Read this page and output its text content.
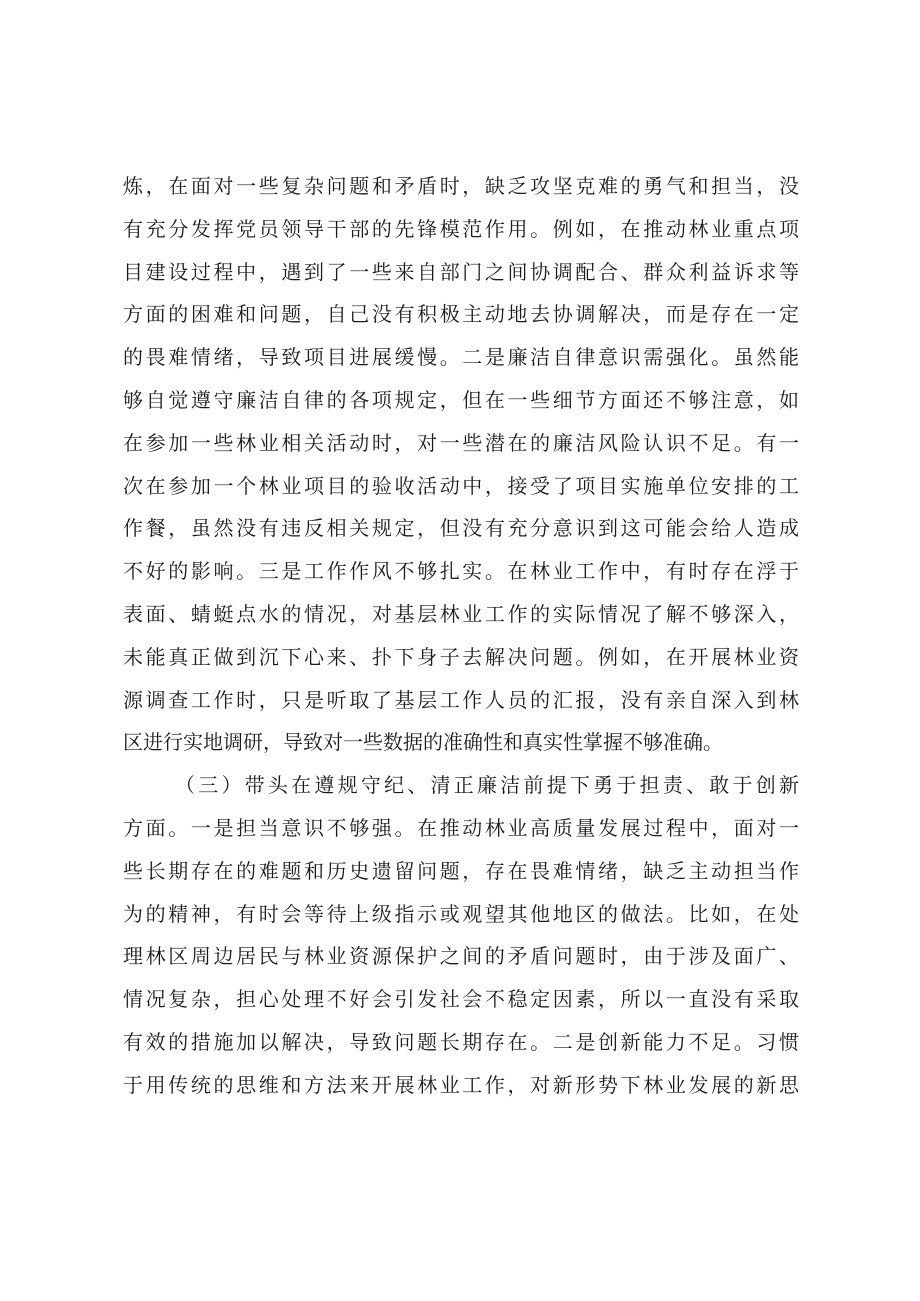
炼，在面对一些复杂问题和矛盾时，缺乏攻坚克难的勇气和担当，没
有充分发挥党员领导干部的先锋模范作用。例如，在推动林业重点项
目建设过程中，遇到了一些来自部门之间协调配合、群众利益诉求等
方面的困难和问题，自己没有积极主动地去协调解决，而是存在一定
的畏难情绪，导致项目进展缓慢。二是廉洁自律意识需强化。虽然能
够自觉遵守廉洁自律的各项规定，但在一些细节方面还不够注意，如
在参加一些林业相关活动时，对一些潜在的廉洁风险认识不足。有一
次在参加一个林业项目的验收活动中，接受了项目实施单位安排的工
作餐，虽然没有违反相关规定，但没有充分意识到这可能会给人造成
不好的影响。三是工作作风不够扎实。在林业工作中，有时存在浮于
表面、蜻蜓点水的情况，对基层林业工作的实际情况了解不够深入，
未能真正做到沉下心来、扑下身子去解决问题。例如，在开展林业资
源调查工作时，只是听取了基层工作人员的汇报，没有亲自深入到林
区进行实地调研，导致对一些数据的准确性和真实性掌握不够准确。
（三）带头在遵规守纪、清正廉洁前提下勇于担责、敢于创新
方面。一是担当意识不够强。在推动林业高质量发展过程中，面对一
些长期存在的难题和历史遗留问题，存在畏难情绪，缺乏主动担当作
为的精神，有时会等待上级指示或观望其他地区的做法。比如，在处
理林区周边居民与林业资源保护之间的矛盾问题时，由于涉及面广、
情况复杂，担心处理不好会引发社会不稳定因素，所以一直没有采取
有效的措施加以解决，导致问题长期存在。二是创新能力不足。习惯
于用传统的思维和方法来开展林业工作，对新形势下林业发展的新思
